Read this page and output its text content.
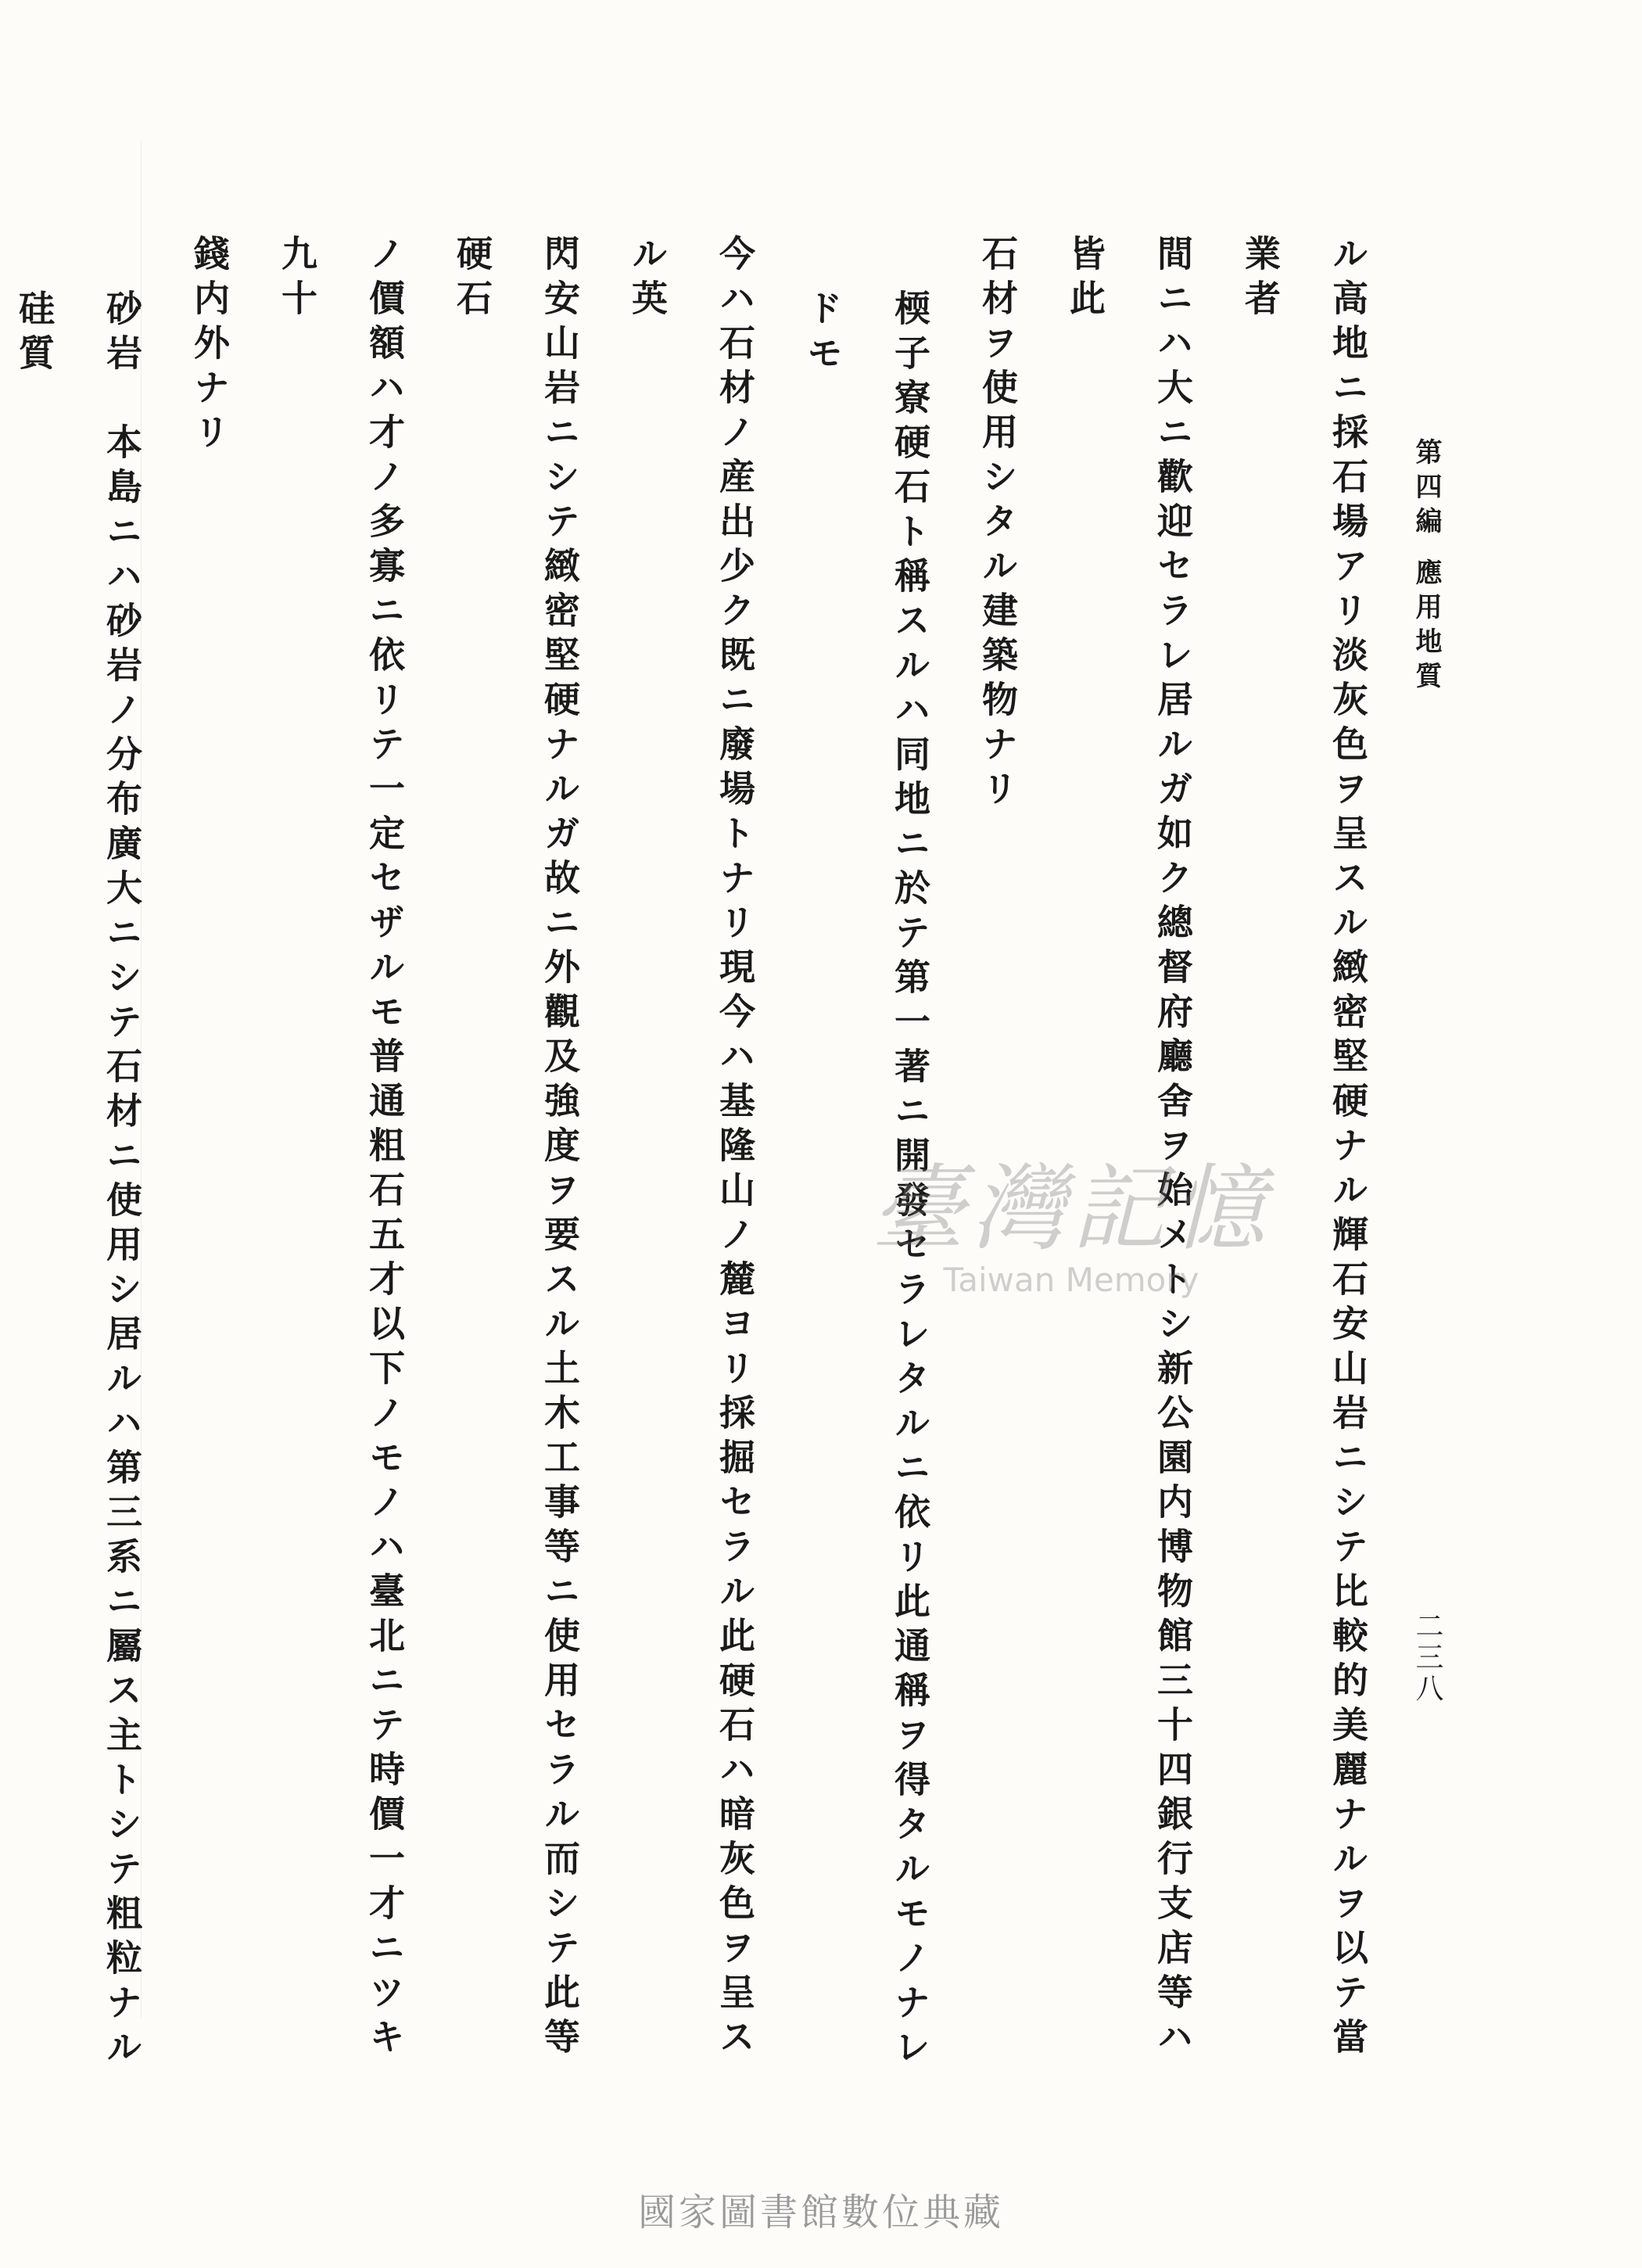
第四編 應用地質
二三八

ル高地ニ採石場アリ淡灰色ヲ呈スル緻密堅硬ナル輝石安山岩ニシテ比較的美麗ナルヲ以テ當業者

間ニハ大ニ歡迎セラレ居ルガ如ク總督府廳舍ヲ始メトシ新公園内博物館三十四銀行支店等ハ皆此

石材ヲ使用シタル建築物ナリ

㮕子寮硬石ト稱スルハ同地ニ於テ第一著ニ開發セラレタルニ依リ此通稱ヲ得タルモノナレドモ

今ハ石材ノ産出少ク既ニ廢場トナリ現今ハ基隆山ノ麓ヨリ採掘セラル此硬石ハ暗灰色ヲ呈スル英

閃安山岩ニシテ緻密堅硬ナルガ故ニ外觀及強度ヲ要スル土木工事等ニ使用セラル而シテ此等硬石

ノ價額ハ才ノ多寡ニ依リテ一定セザルモ普通粗石五才以下ノモノハ臺北ニテ時價一才ニツキ九十

錢内外ナリ

砂岩　本島ニハ砂岩ノ分布廣大ニシテ石材ニ使用シ居ルハ第三系ニ屬ス主トシテ粗粒ナル硅質

臺灣記憶
Taiwan Memory
國家圖書館數位典藏
